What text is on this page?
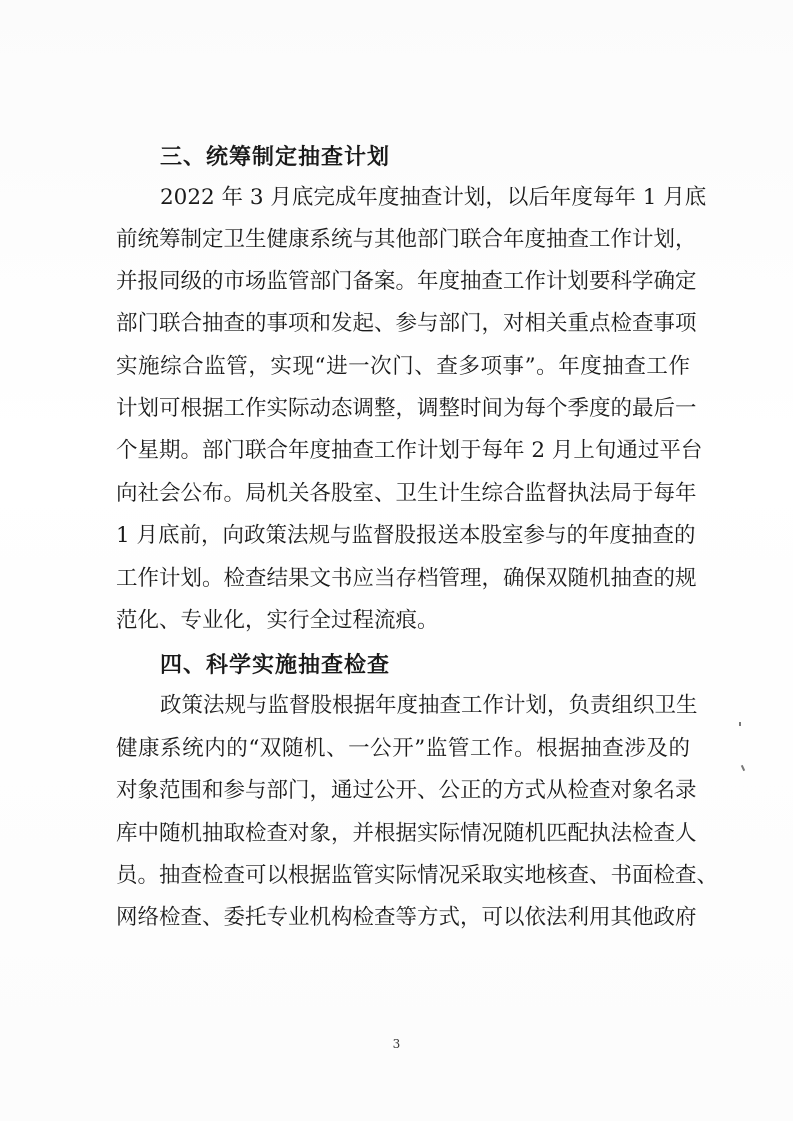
三、统筹制定抽查计划
2022 年 3 月底完成年度抽查计划，以后年度每年 1 月底
前统筹制定卫生健康系统与其他部门联合年度抽查工作计划，
并报同级的市场监管部门备案。年度抽查工作计划要科学确定
部门联合抽查的事项和发起、参与部门，对相关重点检查事项
实施综合监管，实现“进一次门、查多项事”。年度抽查工作
计划可根据工作实际动态调整，调整时间为每个季度的最后一
个星期。部门联合年度抽查工作计划于每年 2 月上旬通过平台
向社会公布。局机关各股室、卫生计生综合监督执法局于每年
1 月底前，向政策法规与监督股报送本股室参与的年度抽查的
工作计划。检查结果文书应当存档管理，确保双随机抽查的规
范化、专业化，实行全过程流痕。
四、科学实施抽查检查
政策法规与监督股根据年度抽查工作计划，负责组织卫生
健康系统内的“双随机、一公开”监管工作。根据抽查涉及的
对象范围和参与部门，通过公开、公正的方式从检查对象名录
库中随机抽取检查对象，并根据实际情况随机匹配执法检查人
员。抽查检查可以根据监管实际情况采取实地核查、书面检查、
网络检查、委托专业机构检查等方式，可以依法利用其他政府
3
